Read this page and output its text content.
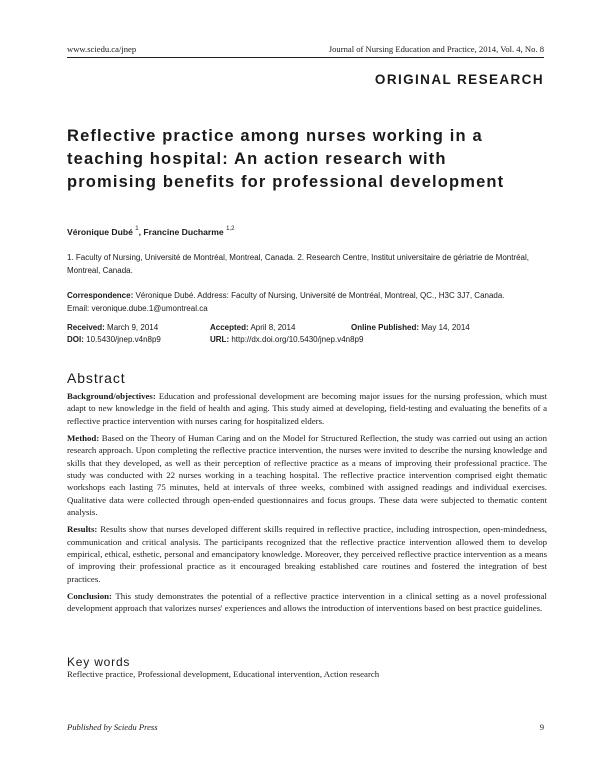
www.sciedu.ca/jnep	Journal of Nursing Education and Practice, 2014, Vol. 4, No. 8
ORIGINAL RESEARCH
Reflective practice among nurses working in a teaching hospital: An action research with promising benefits for professional development
Véronique Dubé $^1$, Francine Ducharme $^{1,2}$
1. Faculty of Nursing, Université de Montréal, Montreal, Canada. 2. Research Centre, Institut universitaire de gériatrie de Montréal, Montreal, Canada.
Correspondence: Véronique Dubé. Address: Faculty of Nursing, Université de Montréal, Montreal, QC., H3C 3J7, Canada.
Email: veronique.dube.1@umontreal.ca
Received: March 9, 2014	Accepted: April 8, 2014	Online Published: May 14, 2014
DOI: 10.5430/jnep.v4n8p9	URL: http://dx.doi.org/10.5430/jnep.v4n8p9
Abstract

Background/objectives: Education and professional development are becoming major issues for the nursing profession, which must adapt to new knowledge in the field of health and aging. This study aimed at developing, field-testing and evaluating the benefits of a reflective practice intervention with nurses caring for hospitalized elders.

Method: Based on the Theory of Human Caring and on the Model for Structured Reflection, the study was carried out using an action research approach. Upon completing the reflective practice intervention, the nurses were invited to describe the nursing knowledge and skills that they developed, as well as their perception of reflective practice as a means of improving their professional practice. The study was conducted with 22 nurses working in a teaching hospital. The reflective practice intervention comprised eight thematic workshops each lasting 75 minutes, held at intervals of three weeks, combined with assigned readings and individual exercises. Qualitative data were collected through open-ended questionnaires and focus groups. These data were subjected to thematic content analysis.

Results: Results show that nurses developed different skills required in reflective practice, including introspection, open-mindedness, communication and critical analysis. The participants recognized that the reflective practice intervention allowed them to develop empirical, ethical, esthetic, personal and emancipatory knowledge. Moreover, they perceived reflective practice intervention as a means of improving their professional practice as it encouraged breaking established care routines and fostered the integration of best practices.

Conclusion: This study demonstrates the potential of a reflective practice intervention in a clinical setting as a novel professional development approach that valorizes nurses' experiences and allows the introduction of interventions based on best practice guidelines.

Key words
Reflective practice, Professional development, Educational intervention, Action research
Published by Sciedu Press	9
